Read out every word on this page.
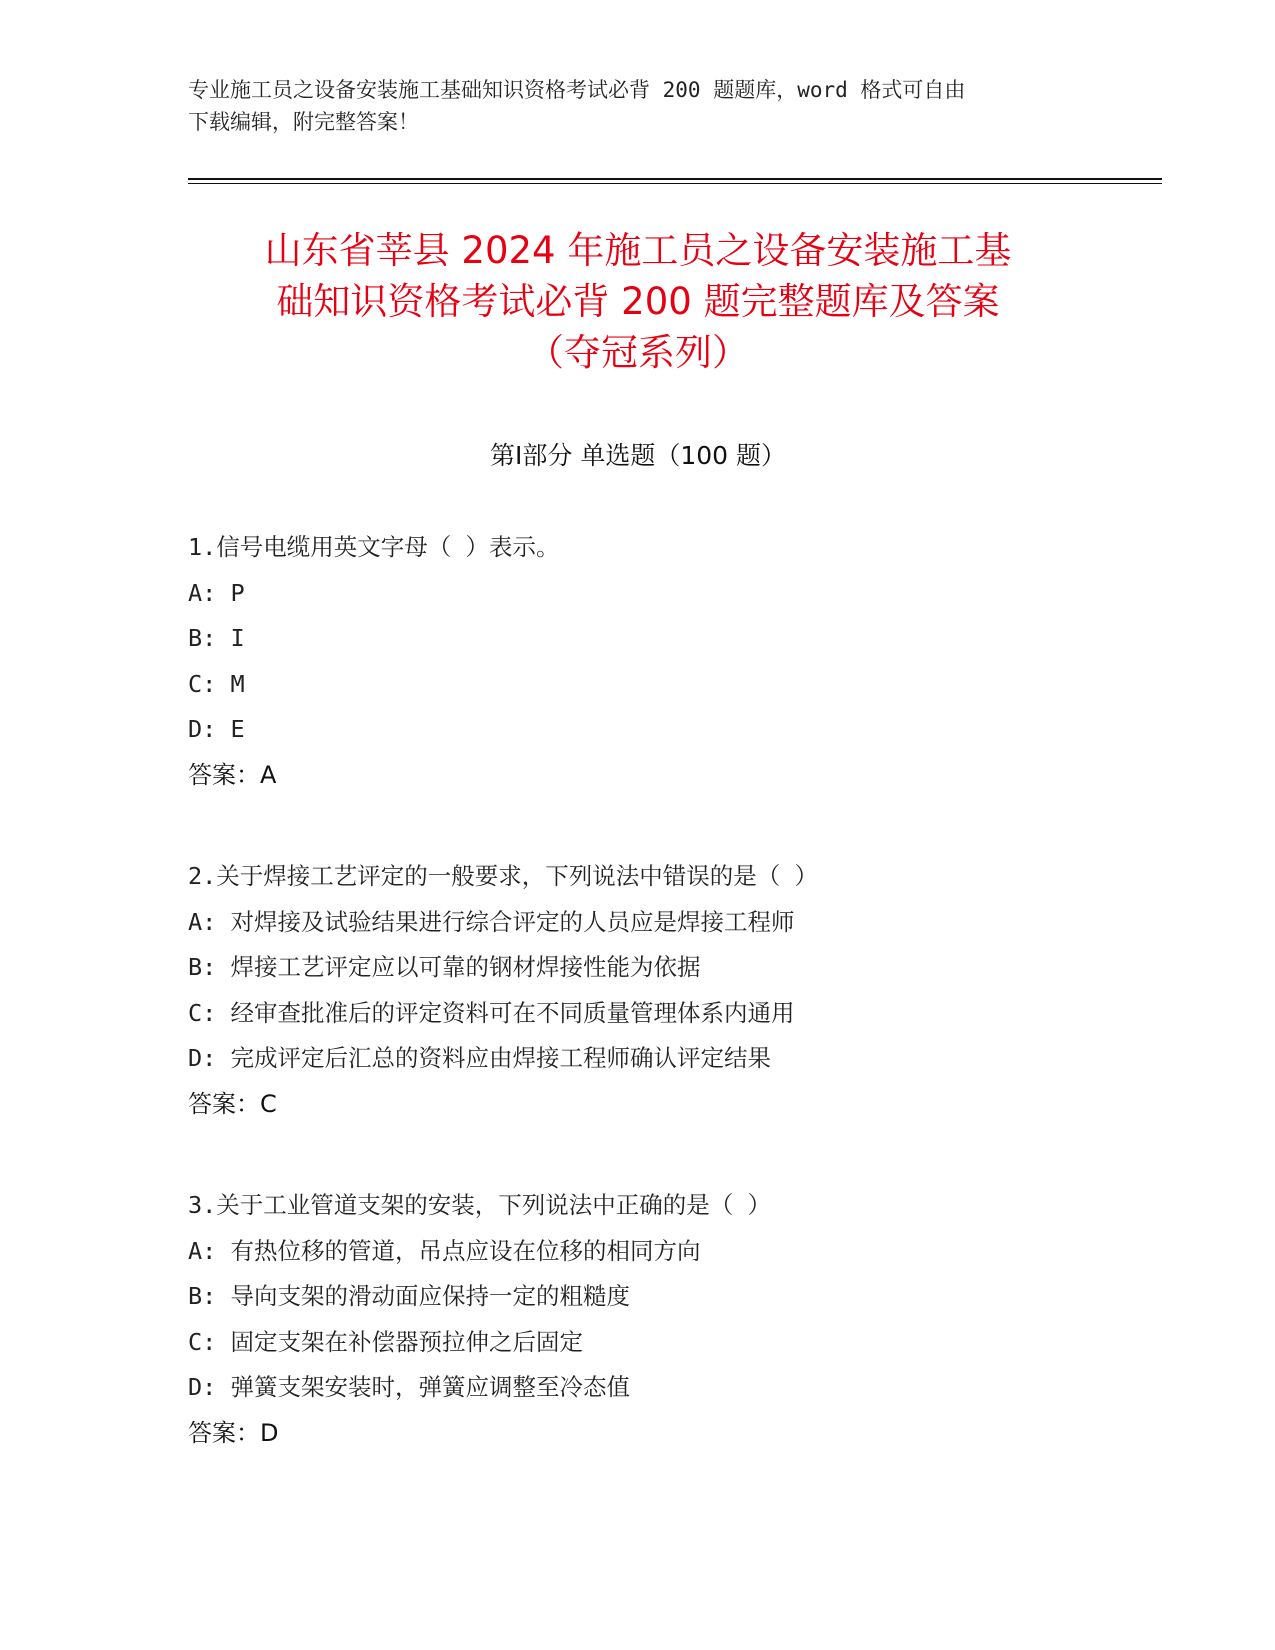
专业施工员之设备安装施工基础知识资格考试必背 200 题题库，word 格式可自由
下载编辑，附完整答案！
山东省莘县 2024 年施工员之设备安装施工基
础知识资格考试必背 200 题完整题库及答案
（夺冠系列）
第Ⅰ部分 单选题（100 题）
1.信号电缆用英文字母（ ）表示。
A: P
B: I
C: M
D: E
答案：A
2.关于焊接工艺评定的一般要求，下列说法中错误的是（ ）
A: 对焊接及试验结果进行综合评定的人员应是焊接工程师
B: 焊接工艺评定应以可靠的钢材焊接性能为依据
C: 经审查批准后的评定资料可在不同质量管理体系内通用
D: 完成评定后汇总的资料应由焊接工程师确认评定结果
答案：C
3.关于工业管道支架的安装，下列说法中正确的是（ ）
A: 有热位移的管道，吊点应设在位移的相同方向
B: 导向支架的滑动面应保持一定的粗糙度
C: 固定支架在补偿器预拉伸之后固定
D: 弹簧支架安装时，弹簧应调整至冷态值
答案：D
